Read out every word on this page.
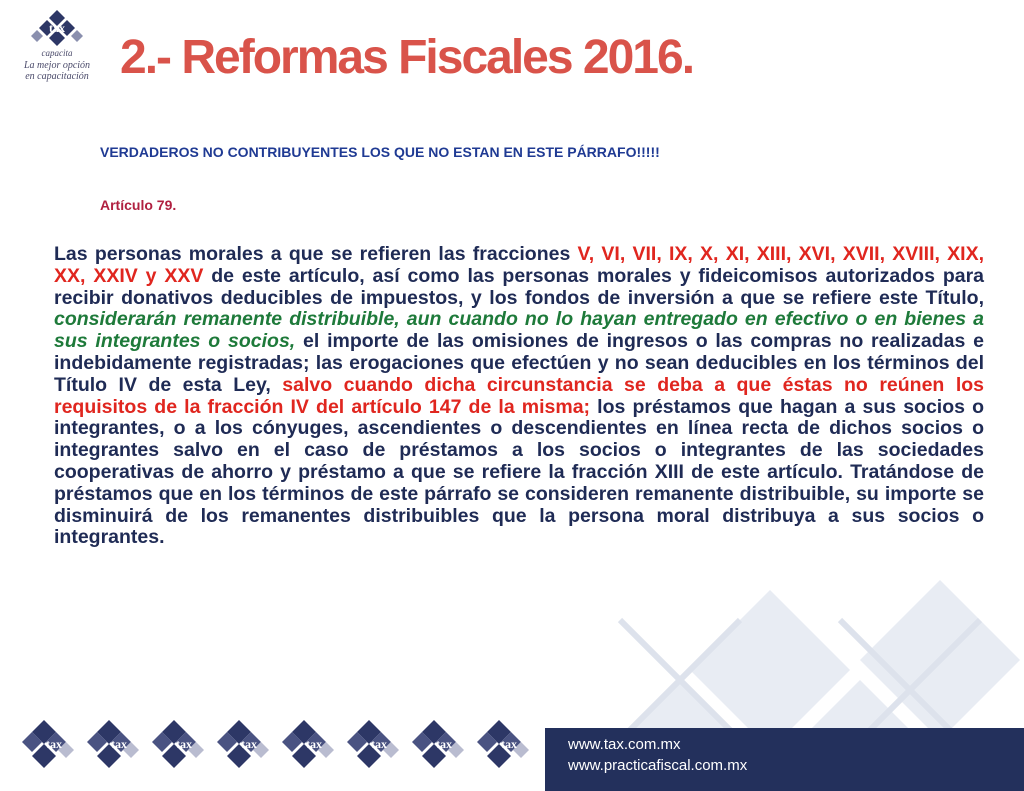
tax
capacita
La mejor opción
en capacitación 2.- Reformas Fiscales 2016.

VERDADEROS NO CONTRIBUYENTES LOS QUE NO ESTAN EN ESTE PÁRRAFO!!!!!

Artículo 79.

Las personas morales a que se refieren las fracciones V, VI, VII, IX, X, XI, XIII, XVI, XVII, XVIII, XIX, XX, XXIV y XXV de este artículo, así como las personas morales y fideicomisos autorizados para recibir donativos deducibles de impuestos, y los fondos de inversión a que se refiere este Título, considerarán remanente distribuible, aun cuando no lo hayan entregado en efectivo o en bienes a sus integrantes o socios, el importe de las omisiones de ingresos o las compras no realizadas e indebidamente registradas; las erogaciones que efectúen y no sean deducibles en los términos del Título IV de esta Ley, salvo cuando dicha circunstancia se deba a que éstas no reúnen los requisitos de la fracción IV del artículo 147 de la misma; los préstamos que hagan a sus socios o integrantes, o a los cónyuges, ascendientes o descendientes en línea recta de dichos socios o integrantes salvo en el caso de préstamos a los socios o integrantes de las sociedades cooperativas de ahorro y préstamo a que se refiere la fracción XIII de este artículo. Tratándose de préstamos que en los términos de este párrafo se consideren remanente distribuible, su importe se disminuirá de los remanentes distribuibles que la persona moral distribuya a sus socios o integrantes.

tax	tax	tax	tax	tax	tax	tax	tax	www.tax.com.mx
www.practicafiscal.com.mx
